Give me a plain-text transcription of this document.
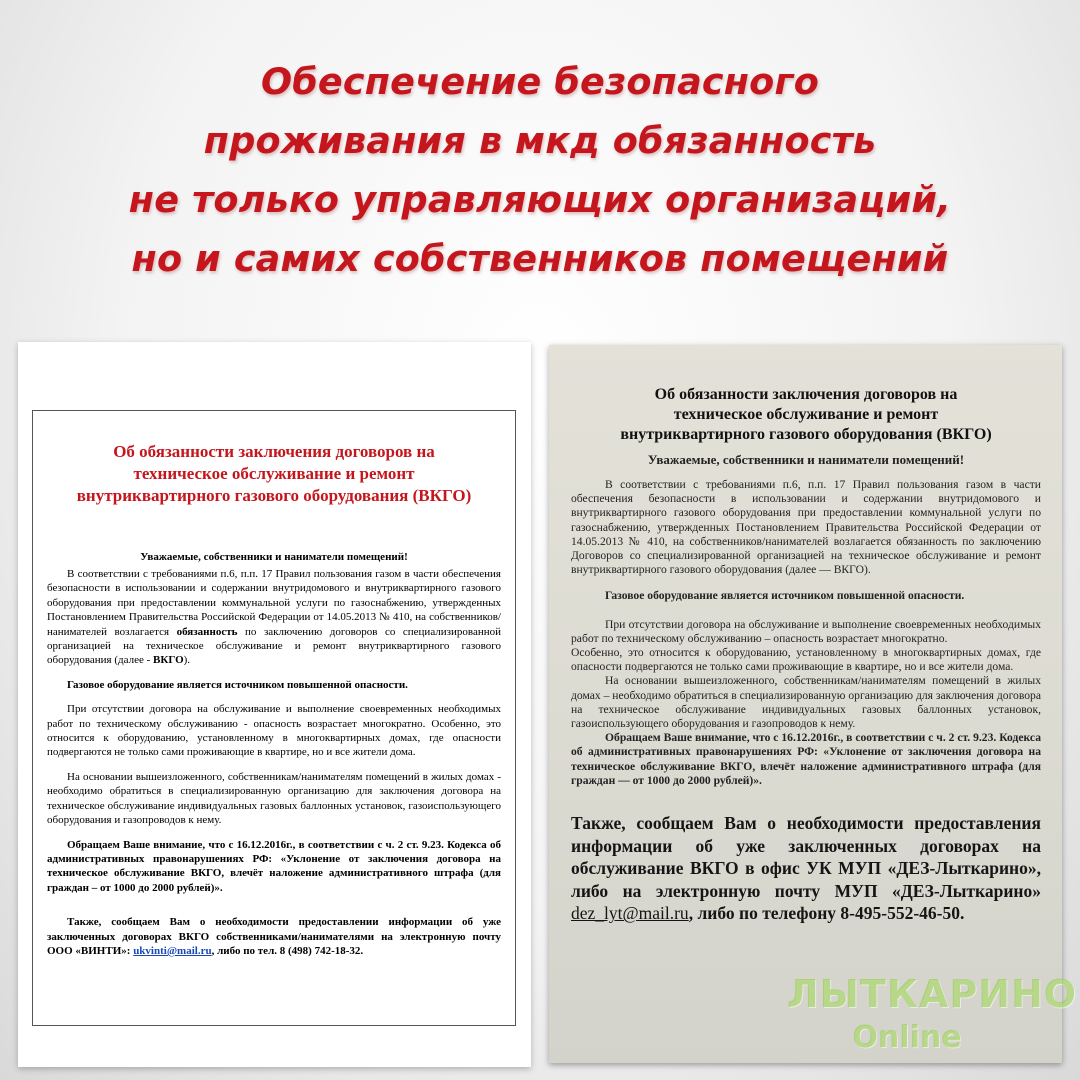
Обеспечение безопасного
проживания в мкд обязанность
не только управляющих организаций,
но и самих собственников помещений
Об обязанности заключения договоров на
техническое обслуживание и ремонт
внутриквартирного газового оборудования (ВКГО)
Уважаемые, собственники и наниматели помещений!

В соответствии с требованиями п.6, п.п. 17 Правил пользования газом в части обеспечения безопасности в использовании и содержании внутридомового и внутриквартирного газового оборудования при предоставлении коммунальной услуги по газоснабжению, утвержденных Постановлением Правительства Российской Федерации от 14.05.2013 № 410, на собственников/нанимателей возлагается обязанность по заключению договоров со специализированной организацией на техническое обслуживание и ремонт внутриквартирного газового оборудования (далее - ВКГО).

Газовое оборудование является источником повышенной опасности.

При отсутствии договора на обслуживание и выполнение своевременных необходимых работ по техническому обслуживанию - опасность возрастает многократно. Особенно, это относится к оборудованию, установленному в многоквартирных домах, где опасности подвергаются не только сами проживающие в квартире, но и все жители дома.

На основании вышеизложенного, собственникам/нанимателям помещений в жилых домах - необходимо обратиться в специализированную организацию для заключения договора на техническое обслуживание индивидуальных газовых баллонных установок, газоиспользующего оборудования и газопроводов к нему.

Обращаем Ваше внимание, что с 16.12.2016г., в соответствии с ч. 2 ст. 9.23. Кодекса об административных правонарушениях РФ: «Уклонение от заключения договора на техническое обслуживание ВКГО, влечёт наложение административного штрафа (для граждан – от 1000 до 2000 рублей)».

Также, сообщаем Вам о необходимости предоставлении информации об уже заключенных договорах ВКГО собственниками/нанимателями на электронную почту ООО «ВИНТИ»: ukvinti@mail.ru, либо по тел. 8 (498) 742-18-32.

Об обязанности заключения договоров на
техническое обслуживание и ремонт
внутриквартирного газового оборудования (ВКГО)
Уважаемые, собственники и наниматели помещений!

В соответствии с требованиями п.6, п.п. 17 Правил пользования газом в части обеспечения безопасности в использовании и содержании внутридомового и внутриквартирного газового оборудования при предоставлении коммунальной услуги по газоснабжению, утвержденных Постановлением Правительства Российской Федерации от 14.05.2013 № 410, на собственников/нанимателей возлагается обязанность по заключению Договоров со специализированной организацией на техническое обслуживание и ремонт внутриквартирного газового оборудования (далее — ВКГО).

Газовое оборудование является источником повышенной опасности.

При отсутствии договора на обслуживание и выполнение своевременных необходимых работ по техническому обслуживанию – опасность возрастает многократно.

Особенно, это относится к оборудованию, установленному в многоквартирных домах, где опасности подвергаются не только сами проживающие в квартире, но и все жители дома.

На основании вышеизложенного, собственникам/нанимателям помещений в жилых домах – необходимо обратиться в специализированную организацию для заключения договора на техническое обслуживание индивидуальных газовых баллонных установок, газоиспользующего оборудования и газопроводов к нему.

Обращаем Ваше внимание, что с 16.12.2016г., в соответствии с ч. 2 ст. 9.23. Кодекса об административных правонарушениях РФ: «Уклонение от заключения договора на техническое обслуживание ВКГО, влечёт наложение административного штрафа (для граждан — от 1000 до 2000 рублей)».

Также, сообщаем Вам о необходимости предоставления информации об уже заключенных договорах на обслуживание ВКГО в офис УК МУП «ДЕЗ-Лыткарино», либо на электронную почту МУП «ДЕЗ-Лыткарино» dez_lyt@mail.ru, либо по телефону 8-495-552-46-50.

ЛЫТКАРИНО
Online
